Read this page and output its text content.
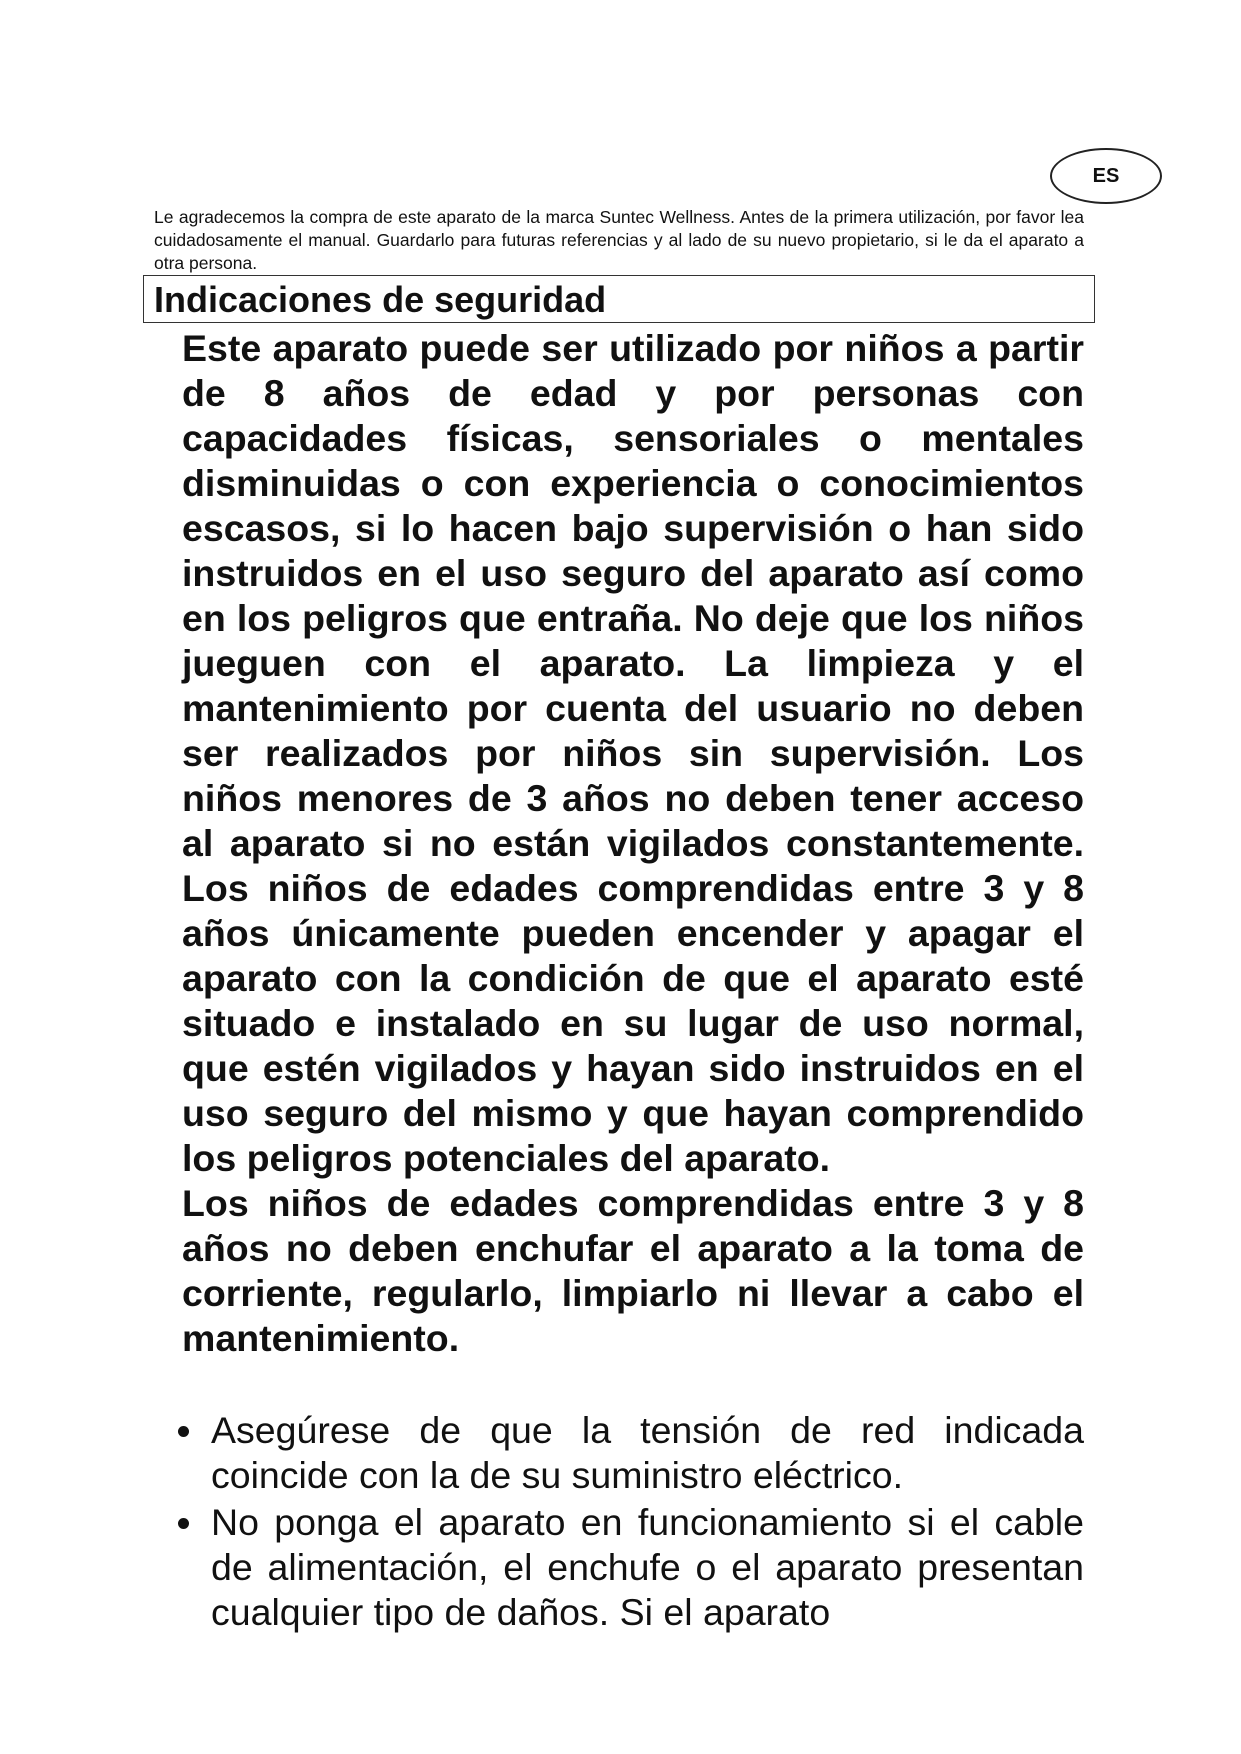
ES
Le agradecemos la compra de este aparato de la marca Suntec Wellness. Antes de la primera utilización, por favor lea cuidadosamente el manual. Guardarlo para futuras referencias y al lado de su nuevo propietario, si le da el aparato a otra persona.
Indicaciones de seguridad

Este aparato puede ser utilizado por niños a partir de 8 años de edad y por personas con capacidades físicas, sensoriales o mentales disminuidas o con experiencia o conocimientos escasos, si lo hacen bajo supervisión o han sido instruidos en el uso seguro del aparato así como en los peligros que entraña. No deje que los niños jueguen con el aparato. La limpieza y el mantenimiento por cuenta del usuario no deben ser realizados por niños sin supervisión. Los niños menores de 3 años no deben tener acceso al aparato si no están vigilados constantemente. Los niños de edades comprendidas entre 3 y 8 años únicamente pueden encender y apagar el aparato con la condición de que el aparato esté situado e instalado en su lugar de uso normal, que estén vigilados y hayan sido instruidos en el uso seguro del mismo y que hayan comprendido los peligros potenciales del aparato.

Los niños de edades comprendidas entre 3 y 8 años no deben enchufar el aparato a la toma de corriente, regularlo, limpiarlo ni llevar a cabo el mantenimiento.

Asegúrese de que la tensión de red indicada coincide con la de su suministro eléctrico.
No ponga el aparato en funcionamiento si el cable de alimentación, el enchufe o el aparato presentan cualquier tipo de daños. Si el aparato
